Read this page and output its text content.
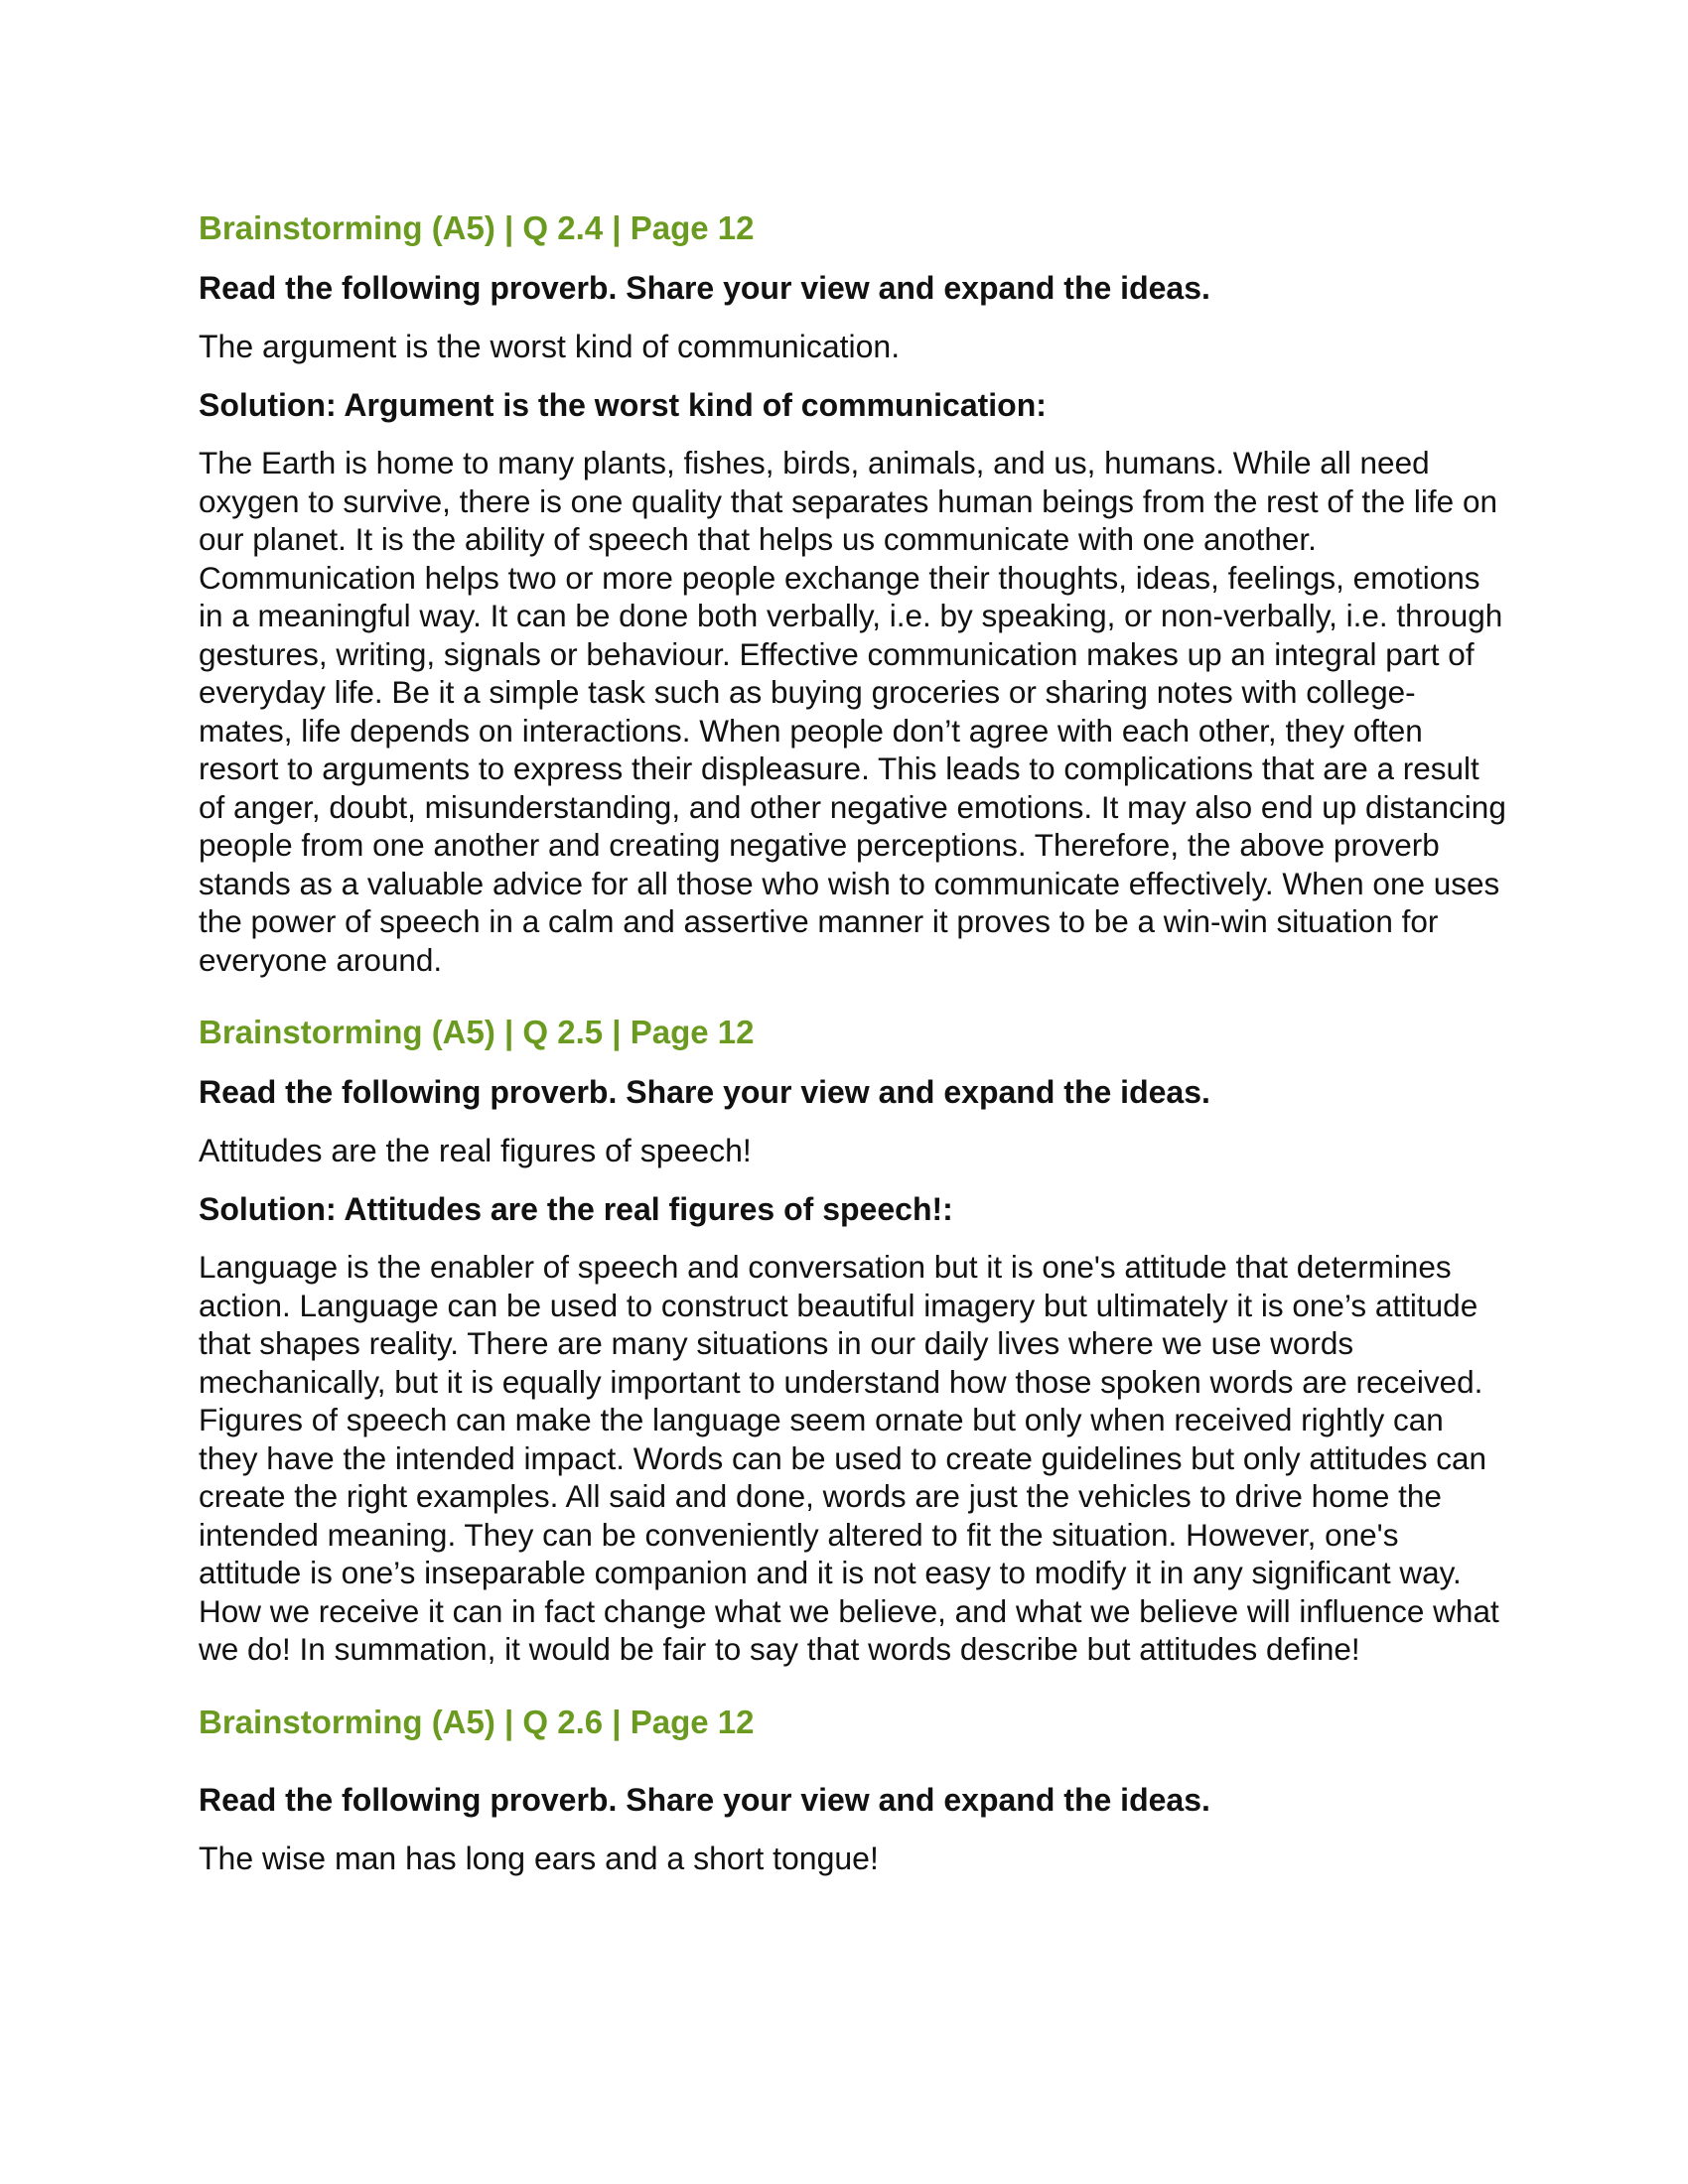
Brainstorming (A5) | Q 2.4 | Page 12

Read the following proverb. Share your view and expand the ideas.

The argument is the worst kind of communication.

Solution: Argument is the worst kind of communication:

The Earth is home to many plants, fishes, birds, animals, and us, humans. While all need oxygen to survive, there is one quality that separates human beings from the rest of the life on our planet. It is the ability of speech that helps us communicate with one another. Communication helps two or more people exchange their thoughts, ideas, feelings, emotions in a meaningful way. It can be done both verbally, i.e. by speaking, or non-verbally, i.e. through gestures, writing, signals or behaviour. Effective communication makes up an integral part of everyday life. Be it a simple task such as buying groceries or sharing notes with college-mates, life depends on interactions. When people don’t agree with each other, they often resort to arguments to express their displeasure. This leads to complications that are a result of anger, doubt, misunderstanding, and other negative emotions. It may also end up distancing people from one another and creating negative perceptions. Therefore, the above proverb stands as a valuable advice for all those who wish to communicate effectively. When one uses the power of speech in a calm and assertive manner it proves to be a win-win situation for everyone around.

Brainstorming (A5) | Q 2.5 | Page 12

Read the following proverb. Share your view and expand the ideas.

Attitudes are the real figures of speech!

Solution: Attitudes are the real figures of speech!:

Language is the enabler of speech and conversation but it is one's attitude that determines action. Language can be used to construct beautiful imagery but ultimately it is one’s attitude that shapes reality. There are many situations in our daily lives where we use words mechanically, but it is equally important to understand how those spoken words are received. Figures of speech can make the language seem ornate but only when received rightly can they have the intended impact. Words can be used to create guidelines but only attitudes can create the right examples. All said and done, words are just the vehicles to drive home the intended meaning. They can be conveniently altered to fit the situation. However, one's attitude is one’s inseparable companion and it is not easy to modify it in any significant way. How we receive it can in fact change what we believe, and what we believe will influence what we do! In summation, it would be fair to say that words describe but attitudes define!

Brainstorming (A5) | Q 2.6 | Page 12

Read the following proverb. Share your view and expand the ideas.

The wise man has long ears and a short tongue!
